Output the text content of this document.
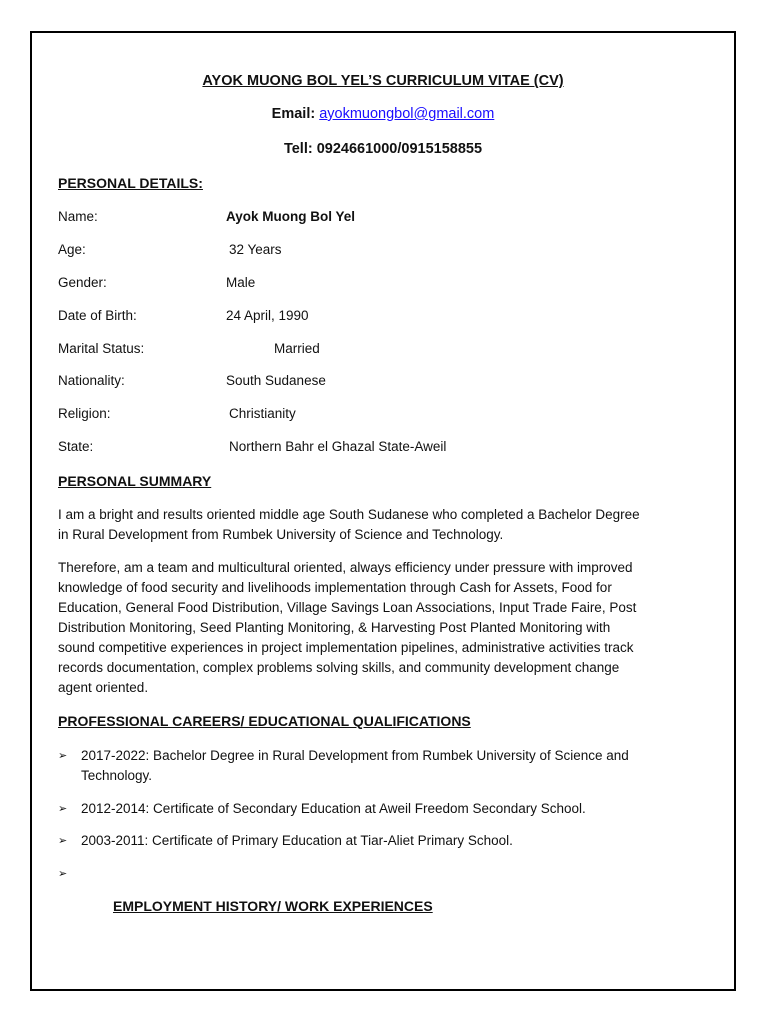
AYOK MUONG BOL YEL’S CURRICULUM VITAE (CV)
Email: ayokmuongbol@gmail.com
Tell: 0924661000/0915158855
PERSONAL DETAILS:
Name:	Ayok Muong Bol Yel
Age:	32 Years
Gender:	Male
Date of Birth:	24 April, 1990
Marital Status:	Married
Nationality:	South Sudanese
Religion:	Christianity
State:	Northern Bahr el Ghazal State-Aweil
PERSONAL SUMMARY

I am a bright and results oriented middle age South Sudanese who completed a Bachelor Degree in Rural Development from Rumbek University of Science and Technology.

Therefore, am a team and multicultural oriented, always efficiency under pressure with improved knowledge of food security and livelihoods implementation through Cash for Assets, Food for Education, General Food Distribution, Village Savings Loan Associations, Input Trade Faire, Post Distribution Monitoring, Seed Planting Monitoring, & Harvesting Post Planted Monitoring with sound competitive experiences in project implementation pipelines, administrative activities track records documentation, complex problems solving skills, and community development change agent oriented.

PROFESSIONAL CAREERS/ EDUCATIONAL QUALIFICATIONS
➢ 2017-2022: Bachelor Degree in Rural Development from Rumbek University of Science and Technology.
➢ 2012-2014: Certificate of Secondary Education at Aweil Freedom Secondary School.
➢ 2003-2011: Certificate of Primary Education at Tiar-Aliet Primary School.
➢
EMPLOYMENT HISTORY/ WORK EXPERIENCES
